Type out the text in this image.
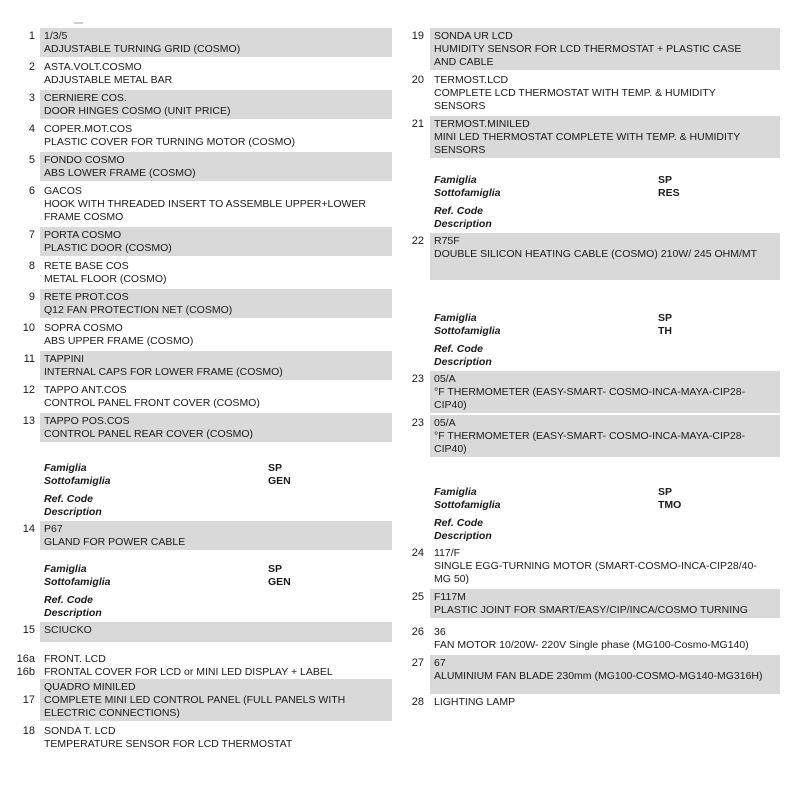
1 1/3/5
ADJUSTABLE TURNING GRID (COSMO)
2 ASTA.VOLT.COSMO
ADJUSTABLE METAL BAR
3 CERNIERE COS.
DOOR HINGES COSMO (UNIT PRICE)
4 COPER.MOT.COS
PLASTIC COVER FOR TURNING MOTOR (COSMO)
5 FONDO COSMO
ABS LOWER FRAME (COSMO)
6 GACOS
HOOK WITH THREADED INSERT TO ASSEMBLE UPPER+LOWER
FRAME COSMO
7 PORTA COSMO
PLASTIC DOOR (COSMO)
8 RETE BASE COS
METAL FLOOR (COSMO)
9 RETE PROT.COS
Q12 FAN PROTECTION NET (COSMO)
10 SOPRA COSMO
ABS UPPER FRAME (COSMO)
11 TAPPINI
INTERNAL CAPS FOR LOWER FRAME (COSMO)
12 TAPPO ANT.COS
CONTROL PANEL FRONT COVER (COSMO)
13 TAPPO POS.COS
CONTROL PANEL REAR COVER (COSMO)
Famiglia	SP
Sottofamiglia	GEN
Ref. Code
Description
14 P67
GLAND FOR POWER CABLE
Famiglia	SP
Sottofamiglia	GEN
Ref. Code
Description
15 SCIUCKO
16a FRONT. LCD
16b FRONTAL COVER FOR LCD or MINI LED DISPLAY + LABEL
17
QUADRO MINILED
COMPLETE MINI LED CONTROL PANEL (FULL PANELS WITH
ELECTRIC CONNECTIONS)
18 SONDA T. LCD
TEMPERATURE SENSOR FOR LCD THERMOSTAT
19 SONDA UR LCD
HUMIDITY SENSOR FOR LCD THERMOSTAT + PLASTIC CASE
AND CABLE
20 TERMOST.LCD
COMPLETE LCD THERMOSTAT WITH TEMP. & HUMIDITY
SENSORS
21 TERMOST.MINILED
MINI LED THERMOSTAT COMPLETE WITH TEMP. & HUMIDITY
SENSORS
Famiglia	SP
Sottofamiglia	RES
Ref. Code
Description
22 R75F
DOUBLE SILICON HEATING CABLE (COSMO) 210W/ 245 OHM/MT
Famiglia	SP
Sottofamiglia	TH
Ref. Code
Description
23 05/A
°F THERMOMETER (EASY-SMART- COSMO-INCA-MAYA-CIP28-
CIP40)
23 05/A
°F THERMOMETER (EASY-SMART- COSMO-INCA-MAYA-CIP28-
CIP40)
Famiglia	SP
Sottofamiglia	TMO
Ref. Code
Description
24 117/F
SINGLE EGG-TURNING MOTOR (SMART-COSMO-INCA-CIP28/40-
MG 50)
25 F117M
PLASTIC JOINT FOR SMART/EASY/CIP/INCA/COSMO TURNING
26 36
FAN MOTOR 10/20W- 220V Single phase (MG100-Cosmo-MG140)
27 67
ALUMINIUM FAN BLADE 230mm (MG100-COSMO-MG140-MG316H)
28 LIGHTING LAMP
